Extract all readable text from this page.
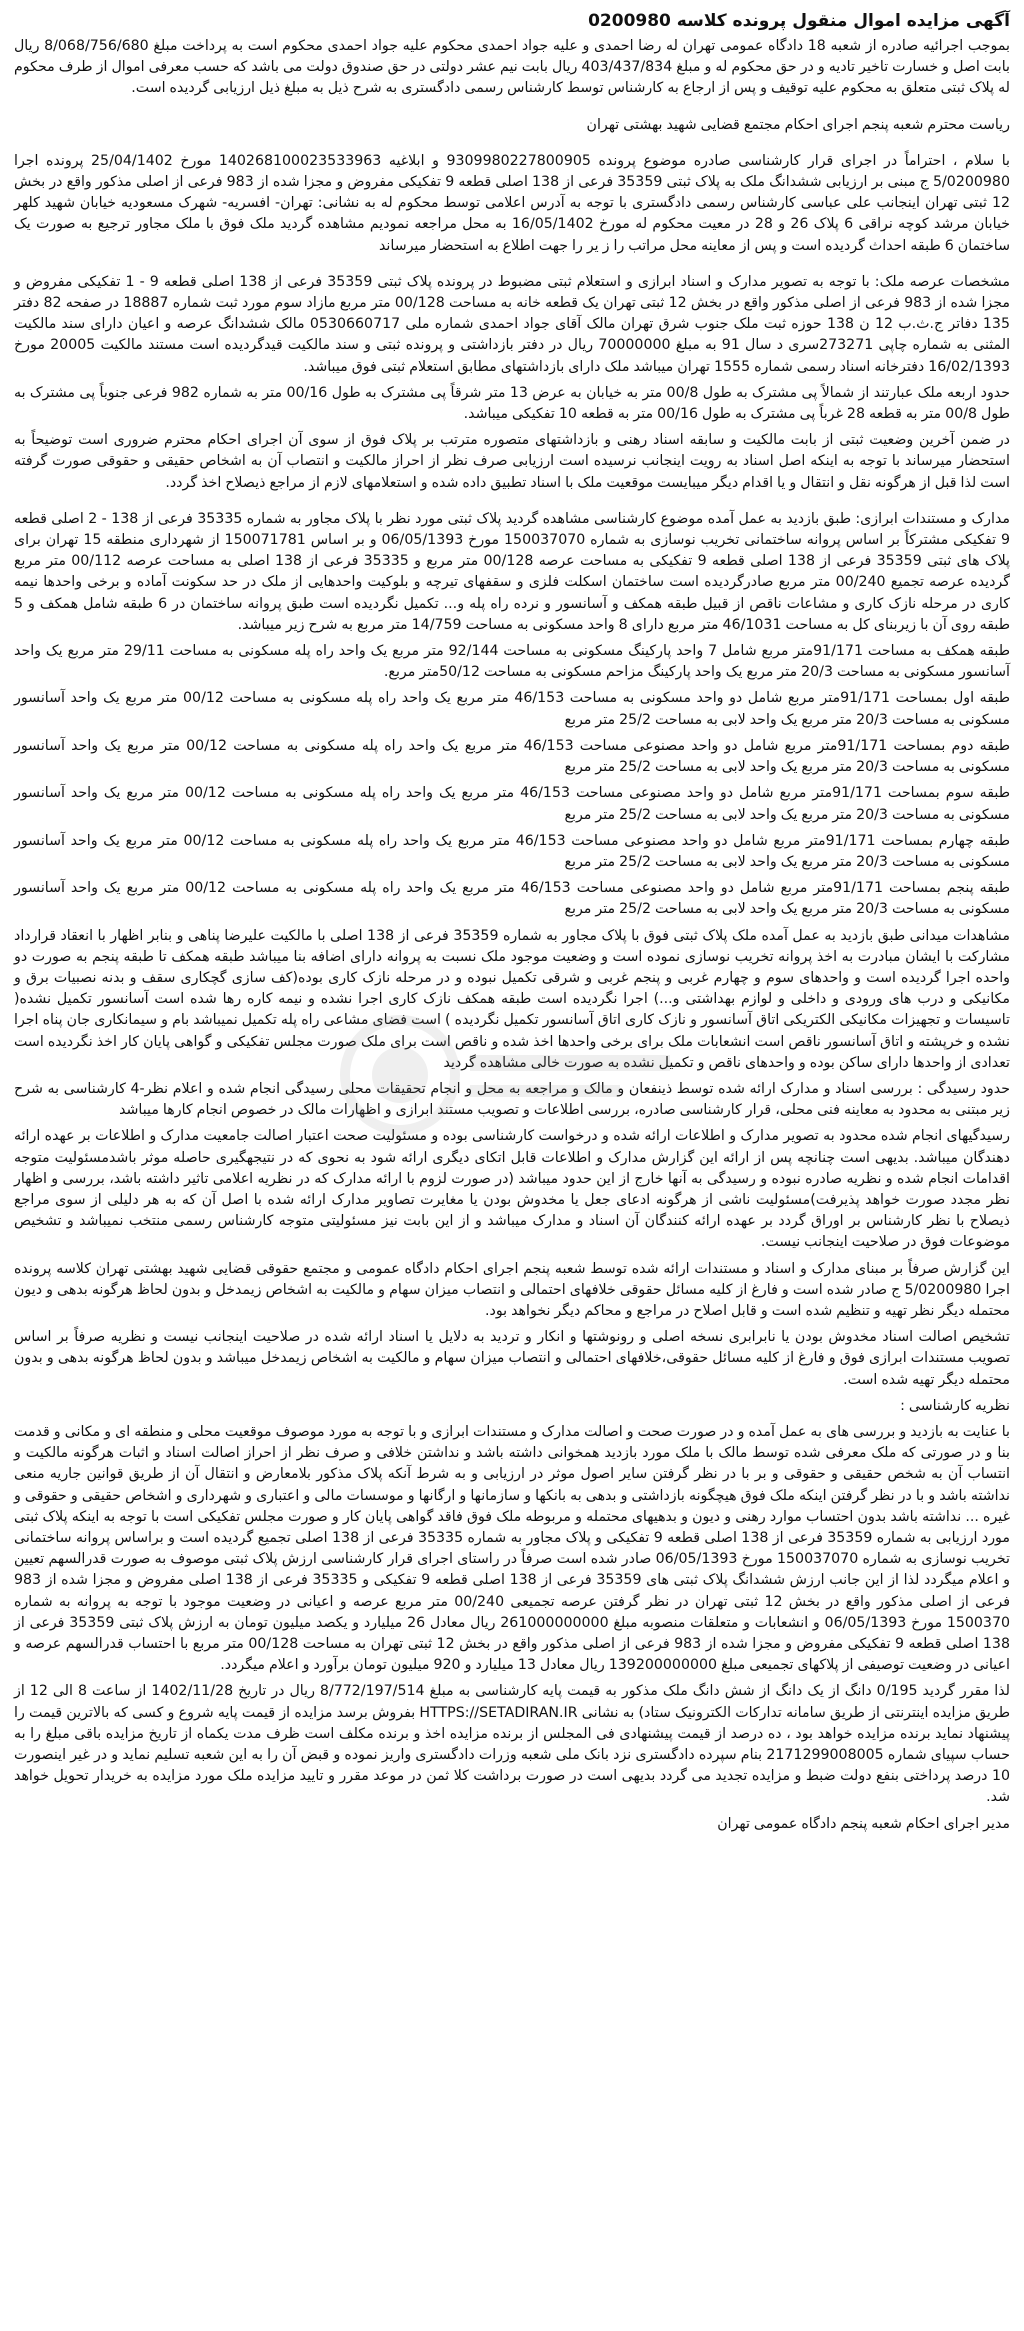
آگهی مزایده اموال منقول پرونده کلاسه 0200980

بموجب اجرائیه صادره از شعبه 18 دادگاه عمومی تهران له رضا احمدی و علیه جواد احمدی محکوم علیه جواد احمدی محکوم است به پرداخت مبلغ 8/068/756/680 ریال بابت اصل و خسارت تاخیر تادیه و در حق محکوم له و مبلغ 403/437/834 ریال بابت نیم عشر دولتی در حق صندوق دولت می باشد که حسب معرفی اموال از طرف محکوم له پلاک ثبتی متعلق به محکوم علیه توقیف و پس از ارجاع به کارشناس توسط کارشناس رسمی دادگستری به شرح ذیل به مبلغ ذیل ارزیابی گردیده است.

ریاست محترم شعبه پنجم اجرای احکام مجتمع قضایی شهید بهشتی تهران

با سلام ، احتراماً در اجرای قرار کارشناسی صادره موضوع پرونده 9309980227800905 و ابلاغیه 140268100023533963 مورخ 25/04/1402 پرونده اجرا 5/0200980 ج مبنی بر ارزیابی ششدانگ ملک به پلاک ثبتی 35359 فرعی از 138 اصلی قطعه 9 تفکیکی مفروض و مجزا شده از 983 فرعی از اصلی مذکور واقع در بخش 12 ثبتی تهران اینجانب علی عباسی کارشناس رسمی دادگستری با توجه به آدرس اعلامی توسط محکوم له به نشانی: تهران- افسریه- شهرک مسعودیه خیابان شهید کلهر خیابان مرشد کوچه نراقی 6 پلاک 26 و 28 در معیت محکوم له مورخ 16/05/1402 به محل مراجعه نمودیم مشاهده گردید ملک فوق با ملک مجاور ترجیع به صورت یک ساختمان 6 طبقه احداث گردیده است و پس از معاینه محل مراتب را ز یر را جهت اطلاع به استحضار میرساند

مشخصات عرصه ملک: با توجه به تصویر مدارک و اسناد ابرازی و استعلام ثبتی مضبوط در پرونده پلاک ثبتی 35359 فرعی از 138 اصلی قطعه 9 - 1 تفکیکی مفروض و مجزا شده از 983 فرعی از اصلی مذکور واقع در بخش 12 ثبتی تهران یک قطعه خانه به مساحت 00/128 متر مربع مازاد سوم مورد ثبت شماره 18887 در صفحه 82 دفتر 135 دفاتر ج.ث.ب 12 ن 138 حوزه ثبت ملک جنوب شرق تهران مالک آقای جواد احمدی شماره ملی 0530660717 مالک ششدانگ عرصه و اعیان دارای سند مالکیت المثنی به شماره چاپی 273271سری د سال 91 به مبلغ 70000000 ریال در دفتر بازداشتی و پرونده ثبتی و سند مالکیت قیدگردیده است مستند مالکیت 20005 مورخ 16/02/1393 دفترخانه اسناد رسمی شماره 1555 تهران میباشد ملک دارای بازداشتهای مطابق استعلام ثبتی فوق میباشد.

حدود اربعه ملک عبارتند از شمالاً پی مشترک به طول 00/8 متر به خیابان به عرض 13 متر شرقاً پی مشترک به طول 00/16 متر به شماره 982 فرعی جنوباً پی مشترک به طول 00/8 متر به قطعه 28 غرباً پی مشترک به طول 00/16 متر به قطعه 10 تفکیکی میباشد.

در ضمن آخرین وضعیت ثبتی از بابت مالکیت و سابقه اسناد رهنی و بازداشتهای متصوره مترتب بر پلاک فوق از سوی آن اجرای احکام محترم ضروری است توضیحاً به استحضار میرساند با توجه به اینکه اصل اسناد به رویت اینجانب نرسیده است ارزیابی صرف نظر از احراز مالکیت و انتصاب آن به اشخاص حقیقی و حقوقی صورت گرفته است لذا قبل از هرگونه نقل و انتقال و یا اقدام دیگر میبایست موقعیت ملک با اسناد تطبیق داده شده و استعلامهای لازم از مراجع ذیصلاح اخذ گردد.

مدارک و مستندات ابرازی: طبق بازدید به عمل آمده موضوع کارشناسی مشاهده گردید پلاک ثبتی مورد نظر با پلاک مجاور به شماره 35335 فرعی از 138 - 2 اصلی قطعه 9 تفکیکی مشترکاً بر اساس پروانه ساختمانی تخریب نوسازی به شماره 150037070 مورخ 06/05/1393 و بر اساس 150071781 از شهرداری منطقه 15 تهران برای پلاک های ثبتی 35359 فرعی از 138 اصلی قطعه 9 تفکیکی به مساحت عرصه 00/128 متر مربع و 35335 فرعی از 138 اصلی به مساحت عرصه 00/112 متر مربع گردیده عرصه تجمیع 00/240 متر مربع صادرگردیده است ساختمان اسکلت فلزی و سقفهای تیرچه و بلوکیت واحدهایی از ملک در حد سکونت آماده و برخی واحدها نیمه کاری در مرحله نازک کاری و مشاعات ناقص از قبیل طبقه همکف و آسانسور و نرده راه پله و... تکمیل نگردیده است طبق پروانه ساختمان در 6 طبقه شامل همکف و 5 طبقه روی آن با زیربنای کل به مساحت 46/1031 متر مربع دارای 8 واحد مسکونی به مساحت 14/759 متر مربع به شرح زیر میباشد.

طبقه همکف به مساحت 91/171متر مربع شامل 7 واحد پارکینگ مسکونی به مساحت 92/144 متر مربع یک واحد راه پله مسکونی به مساحت 29/11 متر مربع یک واحد آسانسور مسکونی به مساحت 20/3 متر مربع یک واحد پارکینگ مزاحم مسکونی به مساحت 50/12متر مربع.

طبقه اول بمساحت 91/171متر مربع شامل دو واحد مسکونی به مساحت 46/153 متر مربع یک واحد راه پله مسکونی به مساحت 00/12 متر مربع یک واحد آسانسور مسکونی به مساحت 20/3 متر مربع یک واحد لابی به مساحت 25/2 متر مربع

طبقه دوم بمساحت 91/171متر مربع شامل دو واحد مصنوعی مساحت 46/153 متر مربع یک واحد راه پله مسکونی به مساحت 00/12 متر مربع یک واحد آسانسور مسکونی به مساحت 20/3 متر مربع یک واحد لابی به مساحت 25/2 متر مربع

طبقه سوم بمساحت 91/171متر مربع شامل دو واحد مصنوعی مساحت 46/153 متر مربع یک واحد راه پله مسکونی به مساحت 00/12 متر مربع یک واحد آسانسور مسکونی به مساحت 20/3 متر مربع یک واحد لابی به مساحت 25/2 متر مربع

طبقه چهارم بمساحت 91/171متر مربع شامل دو واحد مصنوعی مساحت 46/153 متر مربع یک واحد راه پله مسکونی به مساحت 00/12 متر مربع یک واحد آسانسور مسکونی به مساحت 20/3 متر مربع یک واحد لابی به مساحت 25/2 متر مربع

طبقه پنجم بمساحت 91/171متر مربع شامل دو واحد مصنوعی مساحت 46/153 متر مربع یک واحد راه پله مسکونی به مساحت 00/12 متر مربع یک واحد آسانسور مسکونی به مساحت 20/3 متر مربع یک واحد لابی به مساحت 25/2 متر مربع

مشاهدات میدانی طبق بازدید به عمل آمده ملک پلاک ثبتی فوق با پلاک مجاور به شماره 35359 فرعی از 138 اصلی با مالکیت علیرضا پناهی و بنابر اظهار با انعقاد قرارداد مشارکت با ایشان مبادرت به اخذ پروانه تخریب نوسازی نموده است و وضعیت موجود ملک نسبت به پروانه دارای اضافه بنا میباشد طبقه همکف تا طبقه پنجم به صورت دو واحده اجرا گردیده است و واحدهای سوم و چهارم غربی و پنجم غربی و شرقی تکمیل نبوده و در مرحله نازک کاری بوده(کف سازی گچکاری سقف و بدنه نصبیات برق و مکانیکی و درب های ورودی و داخلی و لوازم بهداشتی و...) اجرا نگردیده است طبقه همکف نازک کاری اجرا نشده و نیمه کاره رها شده است آسانسور تکمیل نشده( تاسیسات و تجهیزات مکانیکی الکتریکی اتاق آسانسور و نازک کاری اتاق آسانسور تکمیل نگردیده ) است فضای مشاعی راه پله تکمیل نمیباشد بام و سیمانکاری جان پناه اجرا نشده و خرپشته و اتاق آسانسور ناقص است انشعابات ملک برای برخی واحدها اخذ شده و ناقص است برای ملک صورت مجلس تفکیکی و گواهی پایان کار اخذ نگردیده است تعدادی از واحدها دارای ساکن بوده و واحدهای ناقص و تکمیل نشده به صورت خالی مشاهده گردید

حدود رسیدگی : بررسی اسناد و مدارک ارائه شده توسط ذینفعان و مالک و مراجعه به محل و انجام تحقیقات محلی رسیدگی انجام شده و اعلام نظر-4 کارشناسی به شرح زیر مبتنی به محدود به معاینه فنی محلی، قرار کارشناسی صادره، بررسی اطلاعات و تصویب مستند ابرازی و اظهارات مالک در خصوص انجام کارها میباشد

رسیدگیهای انجام شده محدود به تصویر مدارک و اطلاعات ارائه شده و درخواست کارشناسی بوده و مسئولیت صحت اعتبار اصالت جامعیت مدارک و اطلاعات بر عهده ارائه دهندگان میباشد. بدیهی است چنانچه پس از ارائه این گزارش مدارک و اطلاعات قابل اتکای دیگری ارائه شود به نحوی که در نتیجهگیری حاصله موثر باشدمسئولیت متوجه اقدامات انجام شده و نظریه صادره نبوده و رسیدگی به آنها خارج از این حدود میباشد (در صورت لزوم با ارائه مدارک که در نظریه اعلامی تاثیر داشته باشد، بررسی و اظهار نظر مجدد صورت خواهد پذیرفت)مسئولیت ناشی از هرگونه ادعای جعل یا مخدوش بودن یا مغایرت تصاویر مدارک ارائه شده با اصل آن که به هر دلیلی از سوی مراجع ذیصلاح با نظر کارشناس بر اوراق گردد بر عهده ارائه کنندگان آن اسناد و مدارک میباشد و از این بابت نیز مسئولیتی متوجه کارشناس رسمی منتخب نمیباشد و تشخیص موضوعات فوق در صلاحیت اینجانب نیست.

این گزارش صرفاً بر مبنای مدارک و اسناد و مستندات ارائه شده توسط شعبه پنجم اجرای احکام دادگاه عمومی و مجتمع حقوقی قضایی شهید بهشتی تهران کلاسه پرونده اجرا 5/0200980 ج صادر شده است و فارغ از کلیه مسائل حقوقی خلافهای احتمالی و انتصاب میزان سهام و مالکیت به اشخاص زیمدخل و بدون لحاظ هرگونه بدهی و دیون محتمله دیگر نظر تهیه و تنظیم شده است و قابل اصلاح در مراجع و محاکم دیگر نخواهد بود.

تشخیص اصالت اسناد مخدوش بودن یا نابرابری نسخه اصلی و رونوشتها و انکار و تردید به دلایل یا اسناد ارائه شده در صلاحیت اینجانب نیست و نظریه صرفاً بر اساس تصویب مستندات ابرازی فوق و فارغ از کلیه مسائل حقوقی،خلافهای احتمالی و انتصاب میزان سهام و مالکیت به اشخاص زیمدخل میباشد و بدون لحاظ هرگونه بدهی و بدون محتمله دیگر تهیه شده است.

نظریه کارشناسی :

با عنایت به بازدید و بررسی های به عمل آمده و در صورت صحت و اصالت مدارک و مستندات ابرازی و با توجه به مورد موصوف موقعیت محلی و منطقه ای و مکانی و قدمت بنا و در صورتی که ملک معرفی شده توسط مالک با ملک مورد بازدید همخوانی داشته باشد و نداشتن خلافی و صرف نظر از احراز اصالت اسناد و اثبات هرگونه مالکیت و انتساب آن به شخص حقیقی و حقوقی و بر با در نظر گرفتن سایر اصول موثر در ارزیابی و به شرط آنکه پلاک مذکور بلامعارض و انتقال آن از طریق قوانین جاریه منعی نداشته باشد و با در نظر گرفتن اینکه ملک فوق هیچگونه بازداشتی و بدهی به بانکها و سازمانها و ارگانها و موسسات مالی و اعتباری و شهرداری و اشخاص حقیقی و حقوقی و غیره ... نداشته باشد بدون احتساب موارد رهنی و دیون و بدهیهای محتمله و مربوطه ملک فوق فاقد گواهی پایان کار و صورت مجلس تفکیکی است با توجه به اینکه پلاک ثبتی مورد ارزیابی به شماره 35359 فرعی از 138 اصلی قطعه 9 تفکیکی و پلاک مجاور به شماره 35335 فرعی از 138 اصلی تجمیع گردیده است و براساس پروانه ساختمانی تخریب نوسازی به شماره 150037070 مورخ 06/05/1393 صادر شده است صرفاً در راستای اجرای قرار کارشناسی ارزش پلاک ثبتی موصوف به صورت قدرالسهم تعیین و اعلام میگردد لذا از این جانب ارزش ششدانگ پلاک ثبتی های 35359 فرعی از 138 اصلی قطعه 9 تفکیکی و 35335 فرعی از 138 اصلی مفروض و مجزا شده از 983 فرعی از اصلی مذکور واقع در بخش 12 ثبتی تهران در نظر گرفتن عرصه تجمیعی 00/240 متر مربع عرصه و اعیانی در وضعیت موجود با توجه به پروانه به شماره 1500370 مورخ 06/05/1393 و انشعابات و متعلقات منصوبه مبلغ 261000000000 ریال معادل 26 میلیارد و یکصد میلیون تومان به ارزش پلاک ثبتی 35359 فرعی از 138 اصلی قطعه 9 تفکیکی مفروض و مجزا شده از 983 فرعی از اصلی مذکور واقع در بخش 12 ثبتی تهران به مساحت 00/128 متر مربع با احتساب قدرالسهم عرصه و اعیانی در وضعیت توصیفی از پلاکهای تجمیعی مبلغ 139200000000 ریال معادل 13 میلیارد و 920 میلیون تومان برآورد و اعلام میگردد.

لذا مقرر گردید 0/195 دانگ از یک دانگ از شش دانگ ملک مذکور به قیمت پایه کارشناسی به مبلغ 8/772/197/514 ریال در تاریخ 1402/11/28 از ساعت 8 الی 12 از طریق مزایده اینترنتی از طریق سامانه تدارکات الکترونیک ستاد) به نشانی HTTPS://SETADIRAN.IR بفروش برسد مزایده از قیمت پایه شروع و کسی که بالاترین قیمت را پیشنهاد نماید برنده مزایده خواهد بود ، ده درصد از قیمت پیشنهادی فی المجلس از برنده مزایده اخذ و برنده مکلف است ظرف مدت یکماه از تاریخ مزایده باقی مبلغ را به حساب سپیای شماره 2171299008005 بنام سپرده دادگستری نزد بانک ملی شعبه وزرات دادگستری واریز نموده و قبض آن را به این شعبه تسلیم نماید و در غیر اینصورت 10 درصد پرداختی بنفع دولت ضبط و مزایده تجدید می گردد بدیهی است در صورت برداشت کلا ثمن در موعد مقرر و تایید مزایده ملک مورد مزایده به خریدار تحویل خواهد شد.

مدیر اجرای احکام شعبه پنجم دادگاه عمومی تهران
